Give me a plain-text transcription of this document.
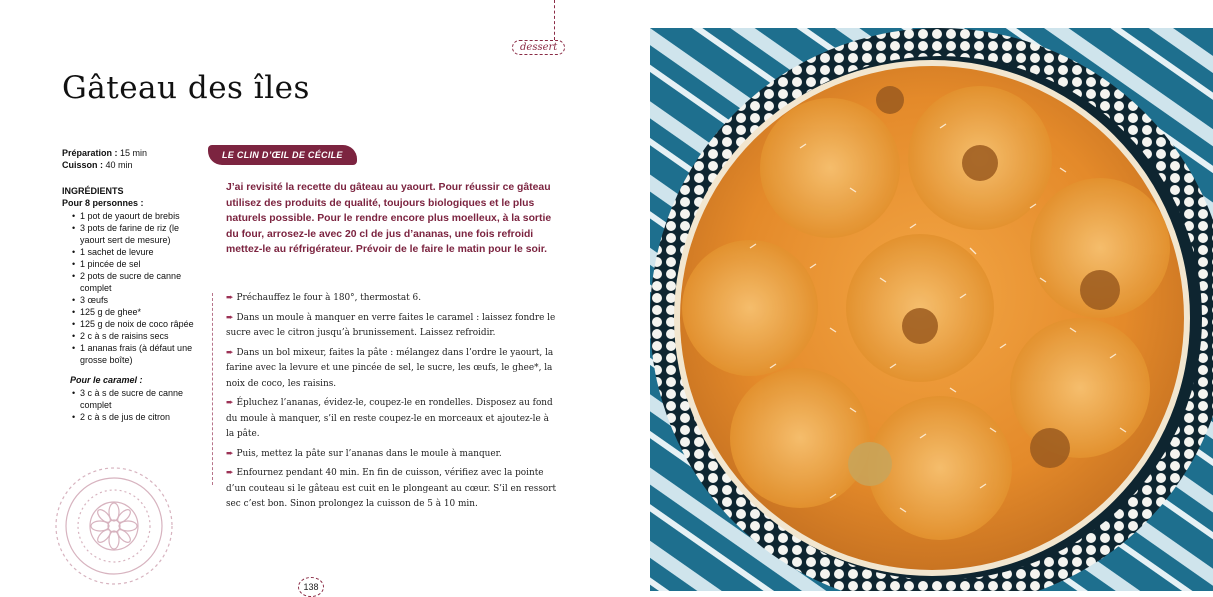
dessert
Gâteau des îles
Préparation : 15 min
Cuisson : 40 min
INGRÉDIENTS
Pour 8 personnes :
• 1 pot de yaourt de brebis
• 3 pots de farine de riz (le yaourt sert de mesure)
• 1 sachet de levure
• 1 pincée de sel
• 2 pots de sucre de canne complet
• 3 œufs
• 125 g de ghee*
• 125 g de noix de coco râpée
• 2 c à s de raisins secs
• 1 ananas frais (à défaut une grosse boîte)
Pour le caramel :
• 3 c à s de sucre de canne complet
• 2 c à s de jus de citron
LE CLIN D’ŒIL DE CÉCILE

J’ai revisité la recette du gâteau au yaourt. Pour réussir ce gâteau utilisez des produits de qualité, toujours biologiques et le plus naturels possible. Pour le rendre encore plus moelleux, à la sortie du four, arrosez-le avec 20 cl de jus d’ananas, une fois refroidi mettez-le au réfrigérateur. Prévoir de le faire le matin pour le soir.

➨ Préchauffez le four à 180°, thermostat 6.
➨ Dans un moule à manquer en verre faites le caramel : laissez fondre le sucre avec le citron jusqu’à brunissement. Laissez refroidir.
➨ Dans un bol mixeur, faites la pâte : mélangez dans l’ordre le yaourt, la farine avec la levure et une pincée de sel, le sucre, les œufs, le ghee*, la noix de coco, les raisins.
➨ Épluchez l’ananas, évidez-le, coupez-le en rondelles. Disposez au fond du moule à manquer, s’il en reste coupez-le en morceaux et ajoutez-le à la pâte.
➨ Puis, mettez la pâte sur l’ananas dans le moule à manquer.
➨ Enfournez pendant 40 min. En fin de cuisson, vérifiez avec la pointe d’un couteau si le gâteau est cuit en le plongeant au cœur. S’il en ressort sec c’est bon. Sinon prolongez la cuisson de 5 à 10 min.
138
